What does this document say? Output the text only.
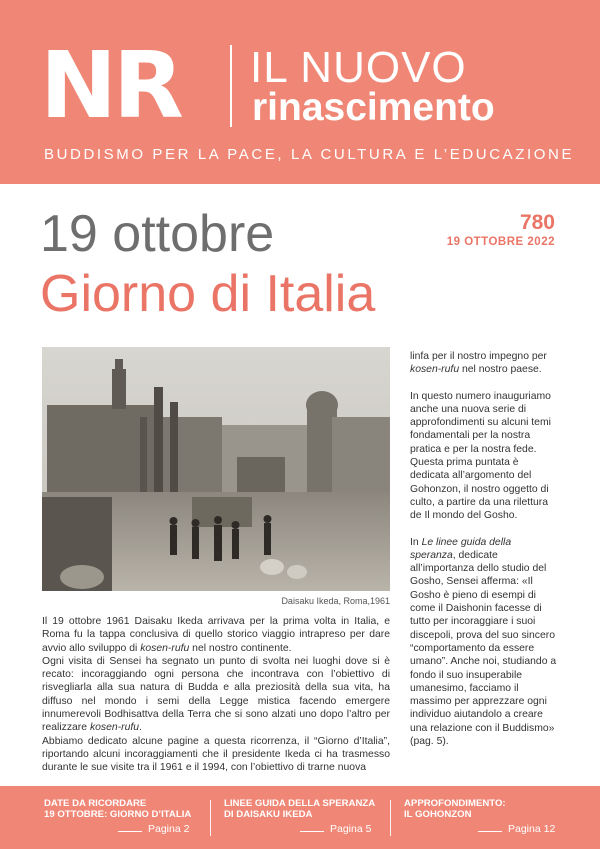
NR IL NUOVO
rinascimento
BUDDISMO PER LA PACE, LA CULTURA E L’EDUCAZIONE
19 ottobre
Giorno di Italia
780
19 OTTOBRE 2022
Daisaku Ikeda, Roma,1961

Il 19 ottobre 1961 Daisaku Ikeda arrivava per la prima volta in Italia, e Roma fu la tappa conclusiva di quello storico viaggio intrapreso per dare avvio allo sviluppo di kosen-rufu nel nostro continente.

Ogni visita di Sensei ha segnato un punto di svolta nei luoghi dove si è recato: incoraggiando ogni persona che incontrava con l’obiettivo di risvegliarla alla sua natura di Budda e alla preziosità della sua vita, ha diffuso nel mondo i semi della Legge mistica facendo emergere innumerevoli Bodhisattva della Terra che si sono alzati uno dopo l’altro per realizzare kosen-rufu.

Abbiamo dedicato alcune pagine a questa ricorrenza, il “Giorno d’Italia”, riportando alcuni incoraggiamenti che il presidente Ikeda ci ha trasmesso durante le sue visite tra il 1961 e il 1994, con l’obiettivo di trarne nuova

linfa per il nostro impegno per kosen-rufu nel nostro paese.

In questo numero inauguriamo anche una nuova serie di approfondimenti su alcuni temi fondamentali per la nostra pratica e per la nostra fede. Questa prima puntata è dedicata all’argomento del Gohonzon, il nostro oggetto di culto, a partire da una rilettura de Il mondo del Gosho.

In Le linee guida della speranza, dedicate all’importanza dello studio del Gosho, Sensei afferma: «Il Gosho è pieno di esempi di come il Daishonin facesse di tutto per incoraggiare i suoi discepoli, prova del suo sincero “comportamento da essere umano”. Anche noi, studiando a fondo il suo insuperabile umanesimo, facciamo il massimo per apprezzare ogni individuo aiutandolo a creare una relazione con il Buddismo» (pag. 5).

DATE DA RICORDARE
19 OTTOBRE: GIORNO D’ITALIA
Pagina 2
LINEE GUIDA DELLA SPERANZA
DI DAISAKU IKEDA
Pagina 5
APPROFONDIMENTO:
IL GOHONZON
Pagina 12
